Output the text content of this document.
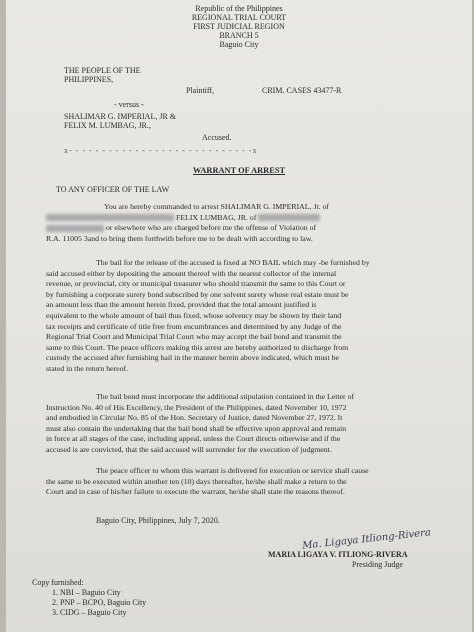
Republic of the Philippines
REGIONAL TRIAL COURT
FIRST JUDICIAL REGION
BRANCH 5
Baguio City
THE PEOPLE OF THE
PHILIPPINES,
Plaintiff,	CRIM. CASES 43477-R
- versus -
SHALIMAR G. IMPERIAL, JR &
FELIX M. LUMBAG, JR.,
Accused.
x- - - - - - - - - - - - - - - - - - - - - - - - - - - -x
WARRANT OF ARREST
TO ANY OFFICER OF THE LAW
You are hereby commanded to arrest SHALIMAR G. IMPERIAL, Jr. of
FELIX LUMBAG, JR. of
or elsewhere who are charged before me the offense of Violation of
R.A. 11005 3and to bring them forthwith before me to be dealt with according to law.
The bail for the release of the accused is fixed at NO BAIL which may -be furnished by
said accused either by depositing the amount thereof with the nearest collector of the internal
revenue, or provincial, city or municipal treasurer who should transmit the same to this Court or
by furnishing a corporate surety bond subscribed by one solvent surety whose real estate must be
an amount less than the amount herein fixed, provided that the total amount justified is
equivalent to the whole amount of bail thus fixed, whose solvency may be shown by their land
tax receipts and certificate of title free from encumbrances and determined by any Judge of the
Regional Trial Court and Municipal Trial Court who may accept the bail bond and transmit the
same to this Court. The peace officers making this arrest are hereby authorized to discharge from
custody the accused after furnishing bail in the manner herein above indicated, which must be
stated in the return hereof.
The bail bond must incorporate the additional stipulation contained in the Letter of
Instruction No. 40 of His Excellency, the President of the Philippines, dated November 10, 1972
and embodied in Circular No. 85 of the Hon. Secretary of Justice, dated November 27, 1972. It
must also contain the undertaking that the bail bond shall be effective upon approval and remain
in force at all stages of the case, including appeal, unless the Court directs otherwise and if the
accused is are convicted, that the said accused will surrender for the execution of judgment.
The peace officer to whom this warrant is delivered for execution or service shall cause
the same to be executed within another ten (10) days thereafter, he/she shall make a return to the
Court and in case of his/her failure to execute the warrant, he/she shall state the reasons thereof.
Baguio City, Philippines, July 7, 2020.
Ma. Ligaya Itliong-Rivera
MARIA LIGAYA V. ITLIONG-RIVERA
Presiding Judge
Copy furnished:
1. NBI – Baguio City
2. PNP – BCPO, Baguio City
3. CIDG – Baguio City
